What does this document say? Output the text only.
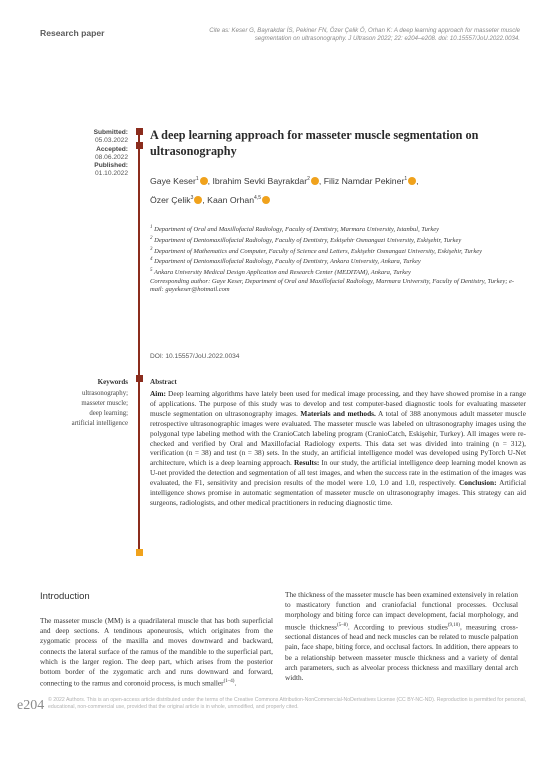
Research paper	Cite as: Keser G, Bayrakdar İS, Pekiner FN, Özer Çelik Ö, Orhan K: A deep learning approach for masseter muscle segmentation on ultrasonography. J Ultrason 2022; 22: e204–e208. doi: 10.15557/JoU.2022.0034.
Submitted:
05.03.2022
Accepted:
08.06.2022
Published:
01.10.2022
A deep learning approach for masseter muscle segmentation on ultrasonography
Gaye Keser$^1$ , Ibrahim Sevki Bayrakdar$^2$ , Filiz Namdar Pekiner$^1$ ,
Özer Çelik$^3$ , Kaan Orhan$^{4,5}$
$^1$ Department of Oral and Maxillofacial Radiology, Faculty of Dentistry, Marmara University, Istanbul, Turkey
$^2$ Department of Dentomaxillofacial Radiology, Faculty of Dentistry, Eskişehir Osmangazi University, Eskişehir, Turkey
$^3$ Department of Mathematics and Computer, Faculty of Science and Letters, Eskişehir Osmangazi University, Eskişehir, Turkey
$^4$ Department of Dentomaxillofacial Radiology, Faculty of Dentistry, Ankara University, Ankara, Turkey
$^5$ Ankara University Medical Design Application and Research Center (MEDITAM), Ankara, Turkey
Corresponding author: Gaye Keser, Department of Oral and Maxillofacial Radiology, Marmara University, Faculty of Dentistry, Turkey; e-mail: gayekeser@hotmail.com
DOI: 10.15557/JoU.2022.0034
Keywords
ultrasonography;
masseter muscle;
deep learning;
artificial intelligence
Abstract
Aim: Deep learning algorithms have lately been used for medical image processing, and they have showed promise in a range of applications. The purpose of this study was to develop and test computer-based diagnostic tools for evaluating masseter muscle segmentation on ultrasonography images. Materials and methods. A total of 388 anonymous adult masseter muscle retrospective ultrasonographic images were evaluated. The masseter muscle was labeled on ultrasonography images using the polygonal type labeling method with the CranioCatch labeling program (CranioCatch, Eskişehir, Turkey). All images were re-checked and verified by Oral and Maxillofacial Radiology experts. This data set was divided into training (n = 312), verification (n = 38) and test (n = 38) sets. In the study, an artificial intelligence model was developed using PyTorch U-Net architecture, which is a deep learning approach. Results: In our study, the artificial intelligence deep learning model known as U-net provided the detection and segmentation of all test images, and when the success rate in the estimation of the images was evaluated, the F1, sensitivity and precision results of the model were 1.0, 1.0 and 1.0, respectively. Conclusion: Artificial intelligence shows promise in automatic segmentation of masseter muscle on ultrasonography images. This strategy can aid surgeons, radiologists, and other medical practitioners in reducing diagnostic time.
Introduction
The masseter muscle (MM) is a quadrilateral muscle that has both superficial and deep sections. A tendinous aponeurosis, which originates from the zygomatic process of the maxilla and moves downward and backward, connects the lateral surface of the ramus of the mandible to the superficial part, which is the larger region. The deep part, which arises from the posterior bottom border of the zygomatic arch and runs downward and forward, connecting to the ramus and coronoid process, is much smaller$^{(1-4)}$.
The thickness of the masseter muscle has been examined extensively in relation to masticatory function and craniofacial functional processes. Occlusal morphology and biting force can impact development, facial morphology, and muscle thickness$^{(5-8)}$. According to previous studies$^{(9,10)}$, measuring cross-sectional distances of head and neck muscles can be related to muscle palpation pain, face shape, biting force, and occlusal factors. In addition, there appears to be a relationship between masseter muscle thickness and a variety of dental arch parameters, such as alveolar process thickness and maxillary dental arch width.
e204 © 2022 Authors. This is an open-access article distributed under the terms of the Creative Commons Attribution-NonCommercial-NoDerivatives License (CC BY-NC-ND). Reproduction is permitted for personal, educational, non-commercial use, provided that the original article is in whole, unmodified, and properly cited.
